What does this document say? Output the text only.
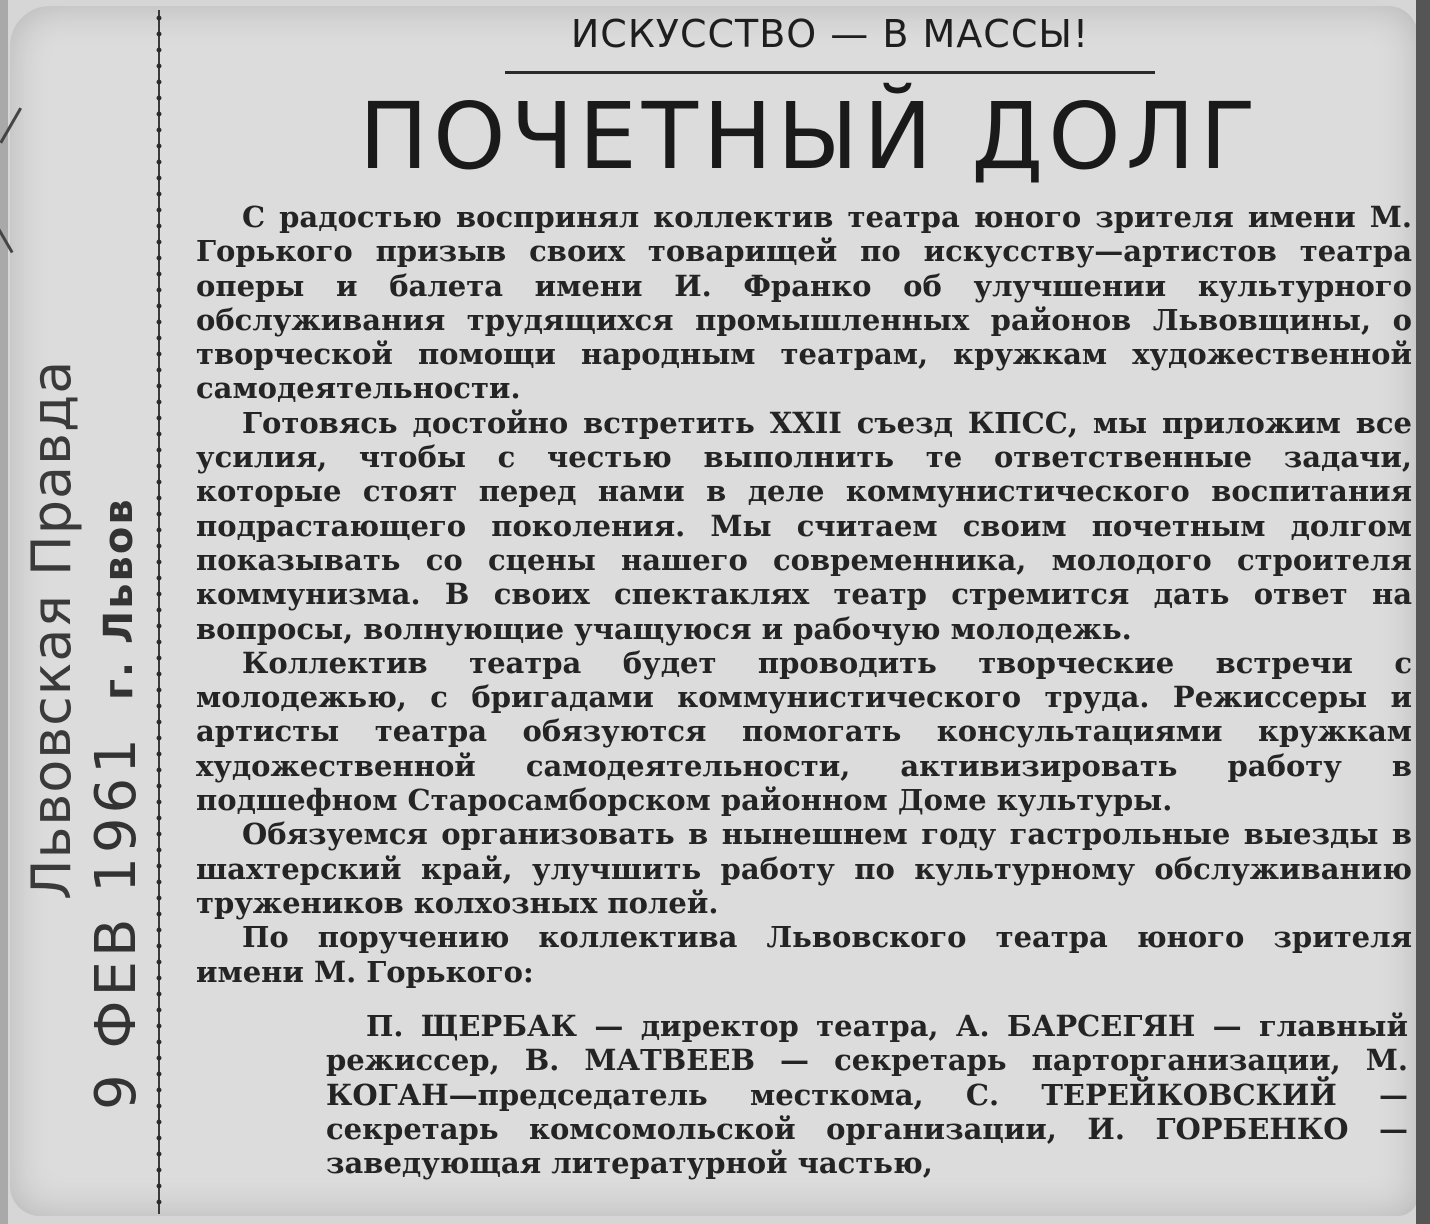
Львовская Правда г. Львов
9 ФЕВ 1961
ИСКУССТВО — В МАССЫ!
ПОЧЕТНЫЙ ДОЛГ

С радостью воспринял коллектив театра юного зрителя имени М. Горького призыв своих товарищей по искусству—артистов театра оперы и балета имени И. Франко об улучшении культурного обслуживания трудящихся промышленных районов Львовщины, о творческой помощи народным театрам, кружкам художественной самодеятельности.

Готовясь достойно встретить XXII съезд КПСС, мы приложим все усилия, чтобы с честью выполнить те ответственные задачи, которые стоят перед нами в деле коммунистического воспитания подрастающего поколения. Мы считаем своим почетным долгом показывать со сцены нашего современника, молодого строителя коммунизма. В своих спектаклях театр стремится дать ответ на вопросы, волнующие учащуюся и рабочую молодежь.

Коллектив театра будет проводить творческие встречи с молодежью, с бригадами коммунистического труда. Режиссеры и артисты театра обязуются помогать консультациями кружкам художественной самодеятельности, активизировать работу в подшефном Старосамборском районном Доме культуры.

Обязуемся организовать в нынешнем году гастрольные выезды в шахтерский край, улучшить работу по культурному обслуживанию тружеников колхозных полей.

По поручению коллектива Львовского театра юного зрителя имени М. Горького:

П. ЩЕРБАК — директор театра, А. БАРСЕГЯН — главный режиссер, В. МАТВЕЕВ — секретарь парторганизации, М. КОГАН—председатель месткома, С. ТЕРЕЙКОВСКИЙ — секретарь комсомольской организации, И. ГОРБЕНКО — заведующая литературной частью,
